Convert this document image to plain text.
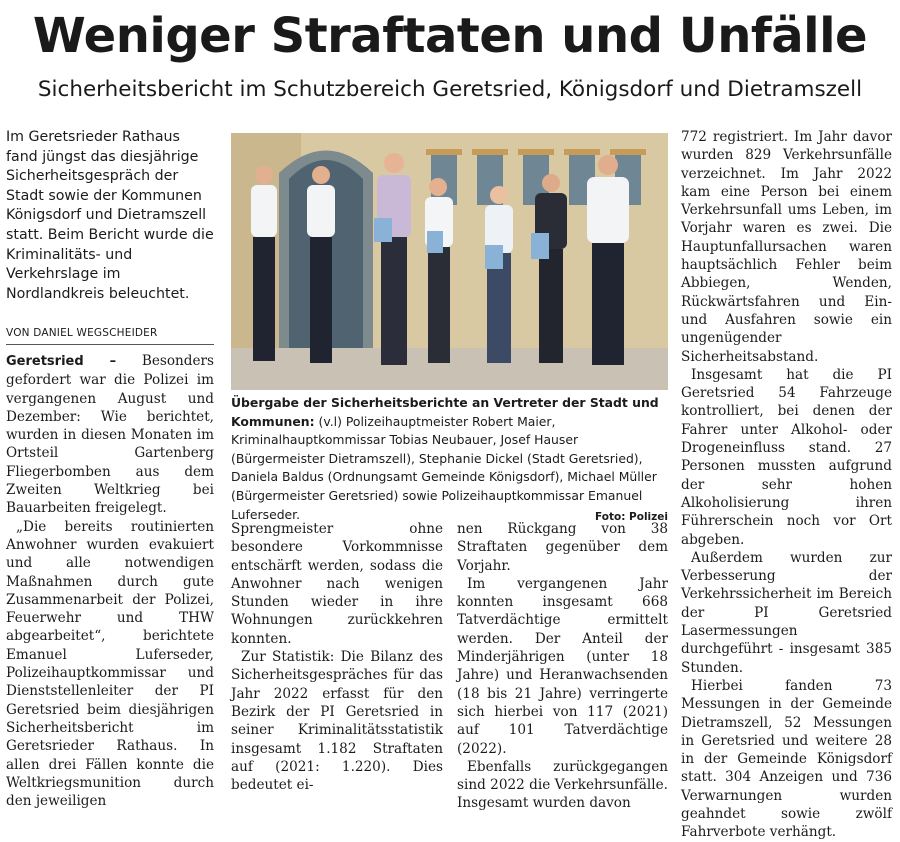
Weniger Straftaten und Unfälle
Sicherheitsbericht im Schutzbereich Geretsried, Königsdorf und Dietramszell
Im Geretsrieder Rathaus fand jüngst das diesjährige Sicherheitsgespräch der Stadt sowie der Kommunen Königsdorf und Dietramszell statt. Beim Bericht wurde die Kriminalitäts- und Verkehrslage im Nordlandkreis beleuchtet.
VON DANIEL WEGSCHEIDER
Übergabe der Sicherheitsberichte an Vertreter der Stadt und Kommunen: (v.l) Polizeihauptmeister Robert Maier, Kriminalhauptkommissar Tobias Neubauer, Josef Hauser (Bürgermeister Dietramszell), Stephanie Dickel (Stadt Geretsried), Daniela Baldus (Ordnungsamt Gemeinde Königsdorf), Michael Müller (Bürgermeister Geretsried) sowie Polizeihauptkommissar Emanuel Luferseder.	Foto: Polizei

Geretsried – Besonders gefordert war die Polizei im vergangenen August und Dezember: Wie berichtet, wurden in diesen Monaten im Ortsteil Gartenberg Fliegerbomben aus dem Zweiten Weltkrieg bei Bauarbeiten freigelegt.

„Die bereits routinierten Anwohner wurden evakuiert und alle notwendigen Maßnahmen durch gute Zusammenarbeit der Polizei, Feuerwehr und THW abgearbeitet“, berichtete Emanuel Luferseder, Polizeihauptkommissar und Dienststellenleiter der PI Geretsried beim diesjährigen Sicherheitsbericht im Geretsrieder Rathaus. In allen drei Fällen konnte die Weltkriegsmunition durch den jeweiligen

Sprengmeister ohne besondere Vorkommnisse entschärft werden, sodass die Anwohner nach wenigen Stunden wieder in ihre Wohnungen zurückkehren konnten.

Zur Statistik: Die Bilanz des Sicherheitsgespräches für das Jahr 2022 erfasst für den Bezirk der PI Geretsried in seiner Kriminalitätsstatistik insgesamt 1.182 Straftaten auf (2021: 1.220). Dies bedeutet ei-

nen Rückgang von 38 Straftaten gegenüber dem Vorjahr.

Im vergangenen Jahr konnten insgesamt 668 Tatverdächtige ermittelt werden. Der Anteil der Minderjährigen (unter 18 Jahre) und Heranwachsenden (18 bis 21 Jahre) verringerte sich hierbei von 117 (2021) auf 101 Tatverdächtige (2022).

Ebenfalls zurückgegangen sind 2022 die Verkehrsunfälle. Insgesamt wurden davon

772 registriert. Im Jahr davor wurden 829 Verkehrsunfälle verzeichnet. Im Jahr 2022 kam eine Person bei einem Verkehrsunfall ums Leben, im Vorjahr waren es zwei. Die Hauptunfallursachen waren hauptsächlich Fehler beim Abbiegen, Wenden, Rückwärtsfahren und Ein- und Ausfahren sowie ein ungenügender Sicherheitsabstand.

Insgesamt hat die PI Geretsried 54 Fahrzeuge kontrolliert, bei denen der Fahrer unter Alkohol- oder Drogeneinfluss stand. 27 Personen mussten aufgrund der sehr hohen Alkoholisierung ihren Führerschein noch vor Ort abgeben.

Außerdem wurden zur Verbesserung der Verkehrssicherheit im Bereich der PI Geretsried Lasermessungen durchgeführt - insgesamt 385 Stunden.

Hierbei fanden 73 Messungen in der Gemeinde Dietramszell, 52 Messungen in Geretsried und weitere 28 in der Gemeinde Königsdorf statt. 304 Anzeigen und 736 Verwarnungen wurden geahndet sowie zwölf Fahrverbote verhängt.
